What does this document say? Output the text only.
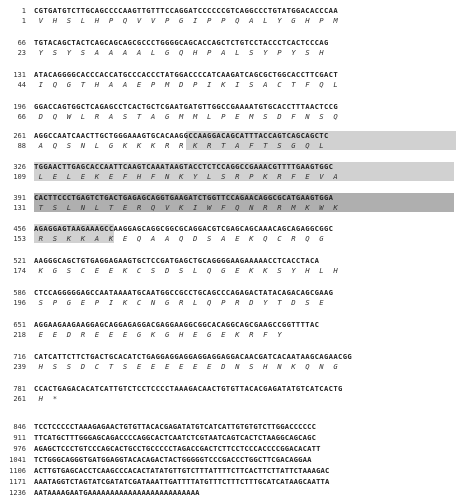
1 CGTGATGTCTTGCAGCCCCAAGTTGTTTCCAGGATCCCCCCGTCAGGCCCTGTATGGACACCCAA
1 V  H  S  L  H  P  Q  V  V  P  G  I  P  P  Q  A  L  Y  G  H  P  M
66 TGTACAGCTACTCAGCAGCAGCGCCCTGGGGCAGCACCAGCTCTGTCCTACCCTCACTCCCAG
23 Y  S  Y  S  A  A  A  A  L  G  Q  H  P  A  L  S  Y  P  Y  S  H
131 ATACAGGGGCACCCACCATGCCCACCCTATGGACCCCATCAAGATCAGCGCTGGCACCTTCGACT
44 I  Q  G  T  H  A  A  E  P  M  D  P  I  K  I  S  A  C  T  F  Q  L
196 GGACCAGTGGCTCAGAGCCTCACTGCTCGAATGATGTTGGCCGAAAATGTGCACCTTTAACTCCG
66 D  Q  W  L  R  A  S  T  A  G  M  M  L  P  E  M  S  D  F  N  S  Q
261 AGGCCAATCAACTTGCTGGGAAAGTGCACAAGGCCAAGGACAGCATTTACCAGTCAGCAGCTC
88 A  Q  S  N  L  G  K  K  K  R  R  K  R  T  A  F  T  S  G  Q  L
326 TGGAACTTGAGCACCAATTCAAGTCAAATAAGTACCTCTCCAGGCCGAAACGTTTTGAAGTGGC
109 L  E  L  E  K  E  F  H  F  N  K  Y  L  S  R  P  K  R  F  E  V  A
391 CACTTCCCTGAGTCTGACTGAGAGCAGGTGAAGATCTGGTTCCAGAACAGGCGCATGAAGTGGA
131 T  S  L  N  L  T  E  R  Q  V  K  I  W  F  Q  N  R  R  M  K  W  K
456 AGAGGAGTAAGAAAGCCAAGGAGCAGGCGGCGCAGGACGTCGAGCAGCAAACAGCAGAGGCGGC
153 R  S  K  K  A  K  E  Q  A  A  Q  D  S  A  E  K  Q  C  R  Q  G
521 AAGGGCAGCTGTGAGGAGAAGTGCTCCGATGAGCTGCAGGGGAAGAAAAACCTCACCTACA
174 K  G  S  C  E  E  K  C  S  D  S  L  Q  G  E  K  K  S  Y  H  L  H
586 CTCCAGGGGGAGCCAATAAAATGCAATGGCCGCCTGCAGCCCAGAGACTATACAGACAGCGAAG
196 S  P  G  E  P  I  K  C  N  G  R  L  Q  P  R  D  Y  T  D  S  E
651 AGGAAGAAGAAGGAGCAGGAGAGGACGAGGAAGGCGGCACAGGCAGCGAAGCCGGTTTTAC
218 E  E  D  R  E  E  E  G  K  G  H  E  G  E  K  R  F  Y
716 CATCATTCTTCTGACTGCACATCTGAGGAGGAGGAGGAGGAGGACAACGATCACAATAAGCAGAACGG
239 H  S  S  D  C  T  S  E  E  E  E  E  E  D  N  S  H  N  K  Q  N  G
781 CCACTGAGACACATCATTGTCTCCTCCCCTAAAGACAACTGTGTTACACGAGATATGTCATCACTG
261 H  *
846 TCCTCCCCCTAAAGAGAACTGTGTTACACGAGATATGTCATCATTGTGTGTCTTGGACCCCCC
911 TTCATGCTTTGGGAGCAGACCCCAGGCACTCAATCTCGTAATCAGTCACTCTAAGGCAGCAGC
976 AGAGCTCCCTGTCCCAGCACTGCCTGCCCCCTAGACCGACTCTTCCTCCCACCCCGGACACATT
1041 TCTGGGCAGGGTGATGGAGGTACACAGACTACTGGGGGTCCCGACCCTGGCTTCGACAGGAA
1106 ACTTGTGAGCACCTCAAGCCCACACTATATGTTGTCTTTATTTTCTTCACTTCTTATTCTAAAGAC
1171 AAATAGGTCTAGTATCGATATCGATAAATTGATTTTATGTTTCTTTCTTTGCATCATAAGCAATTA
1236 AATAAAAGAATGAAAAAAAAAAAAAAAAAAAAAAAAA
